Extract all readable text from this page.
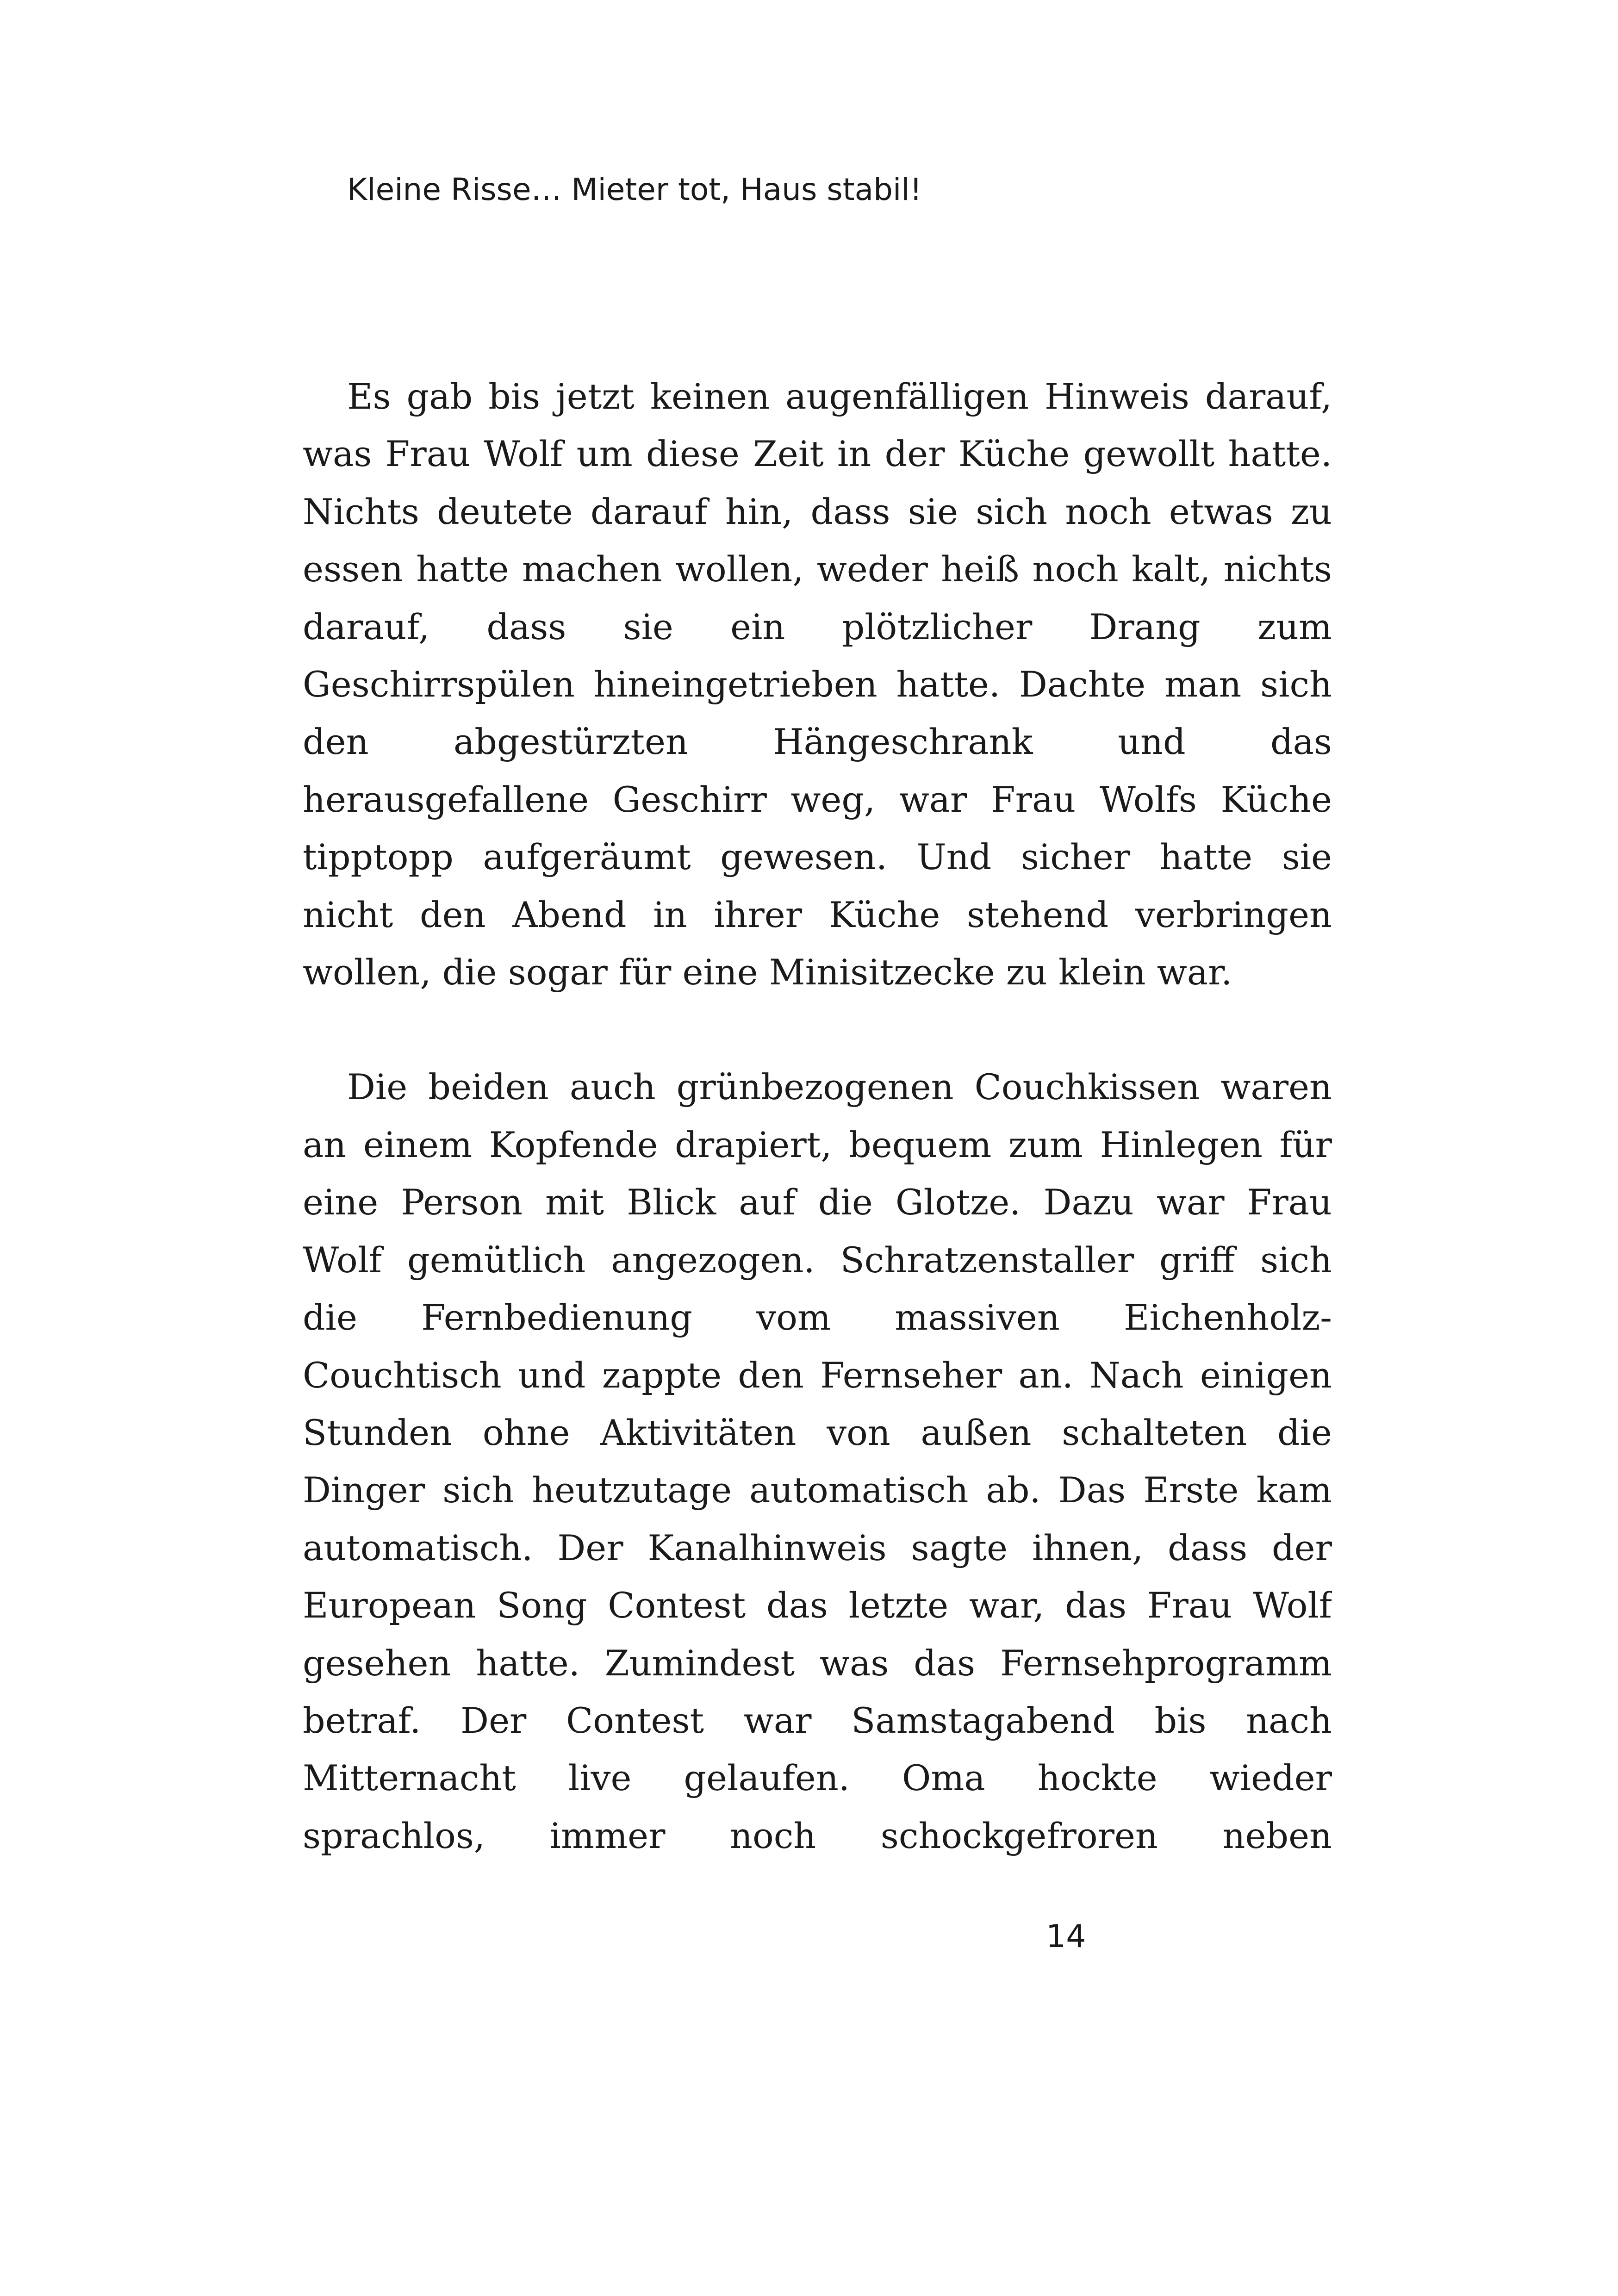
Kleine Risse… Mieter tot, Haus stabil!
Es gab bis jetzt keinen augenfälligen Hinweis darauf,
was Frau Wolf um diese Zeit in der Küche gewollt hatte.
Nichts deutete darauf hin, dass sie sich noch etwas zu
essen hatte machen wollen, weder heiß noch kalt, nichts
darauf, dass sie ein plötzlicher Drang zum
Geschirrspülen hineingetrieben hatte. Dachte man sich
den abgestürzten Hängeschrank und das
herausgefallene Geschirr weg, war Frau Wolfs Küche
tipptopp aufgeräumt gewesen. Und sicher hatte sie
nicht den Abend in ihrer Küche stehend verbringen
wollen, die sogar für eine Minisitzecke zu klein war.
Die beiden auch grünbezogenen Couchkissen waren
an einem Kopfende drapiert, bequem zum Hinlegen für
eine Person mit Blick auf die Glotze. Dazu war Frau
Wolf gemütlich angezogen. Schratzenstaller griff sich
die Fernbedienung vom massiven Eichenholz-
Couchtisch und zappte den Fernseher an. Nach einigen
Stunden ohne Aktivitäten von außen schalteten die
Dinger sich heutzutage automatisch ab. Das Erste kam
automatisch. Der Kanalhinweis sagte ihnen, dass der
European Song Contest das letzte war, das Frau Wolf
gesehen hatte. Zumindest was das Fernsehprogramm
betraf. Der Contest war Samstagabend bis nach
Mitternacht live gelaufen. Oma hockte wieder
sprachlos, immer noch schockgefroren neben
14
